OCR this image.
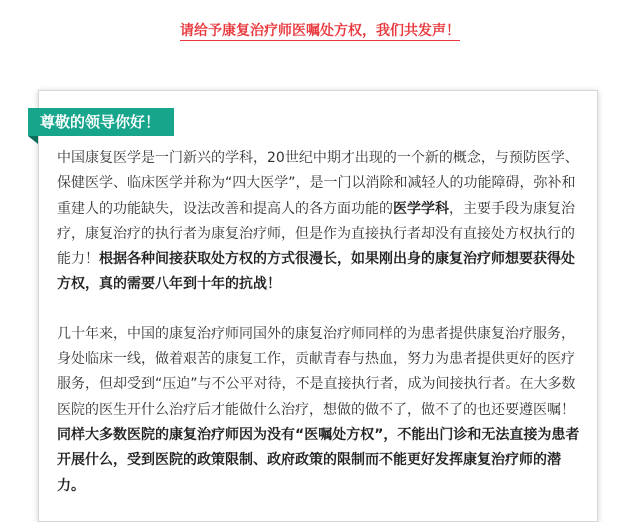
请给予康复治疗师医嘱处方权，我们共发声！
尊敬的领导你好！

中国康复医学是一门新兴的学科，20世纪中期才出现的一个新的概念，与预防医学、保健医学、临床医学并称为“四大医学”，是一门以消除和减轻人的功能障碍，弥补和重建人的功能缺失，设法改善和提高人的各方面功能的医学学科，主要手段为康复治疗，康复治疗的执行者为康复治疗师，但是作为直接执行者却没有直接处方权执行的能力！根据各种间接获取处方权的方式很漫长，如果刚出身的康复治疗师想要获得处方权，真的需要八年到十年的抗战！

几十年来，中国的康复治疗师同国外的康复治疗师同样的为患者提供康复治疗服务，身处临床一线，做着艰苦的康复工作，贡献青春与热血，努力为患者提供更好的医疗服务，但却受到“压迫”与不公平对待，不是直接执行者，成为间接执行者。在大多数医院的医生开什么治疗后才能做什么治疗，想做的做不了，做不了的也还要遵医嘱！同样大多数医院的康复治疗师因为没有“医嘱处方权”，不能出门诊和无法直接为患者开展什么，受到医院的政策限制、政府政策的限制而不能更好发挥康复治疗师的潜力。
